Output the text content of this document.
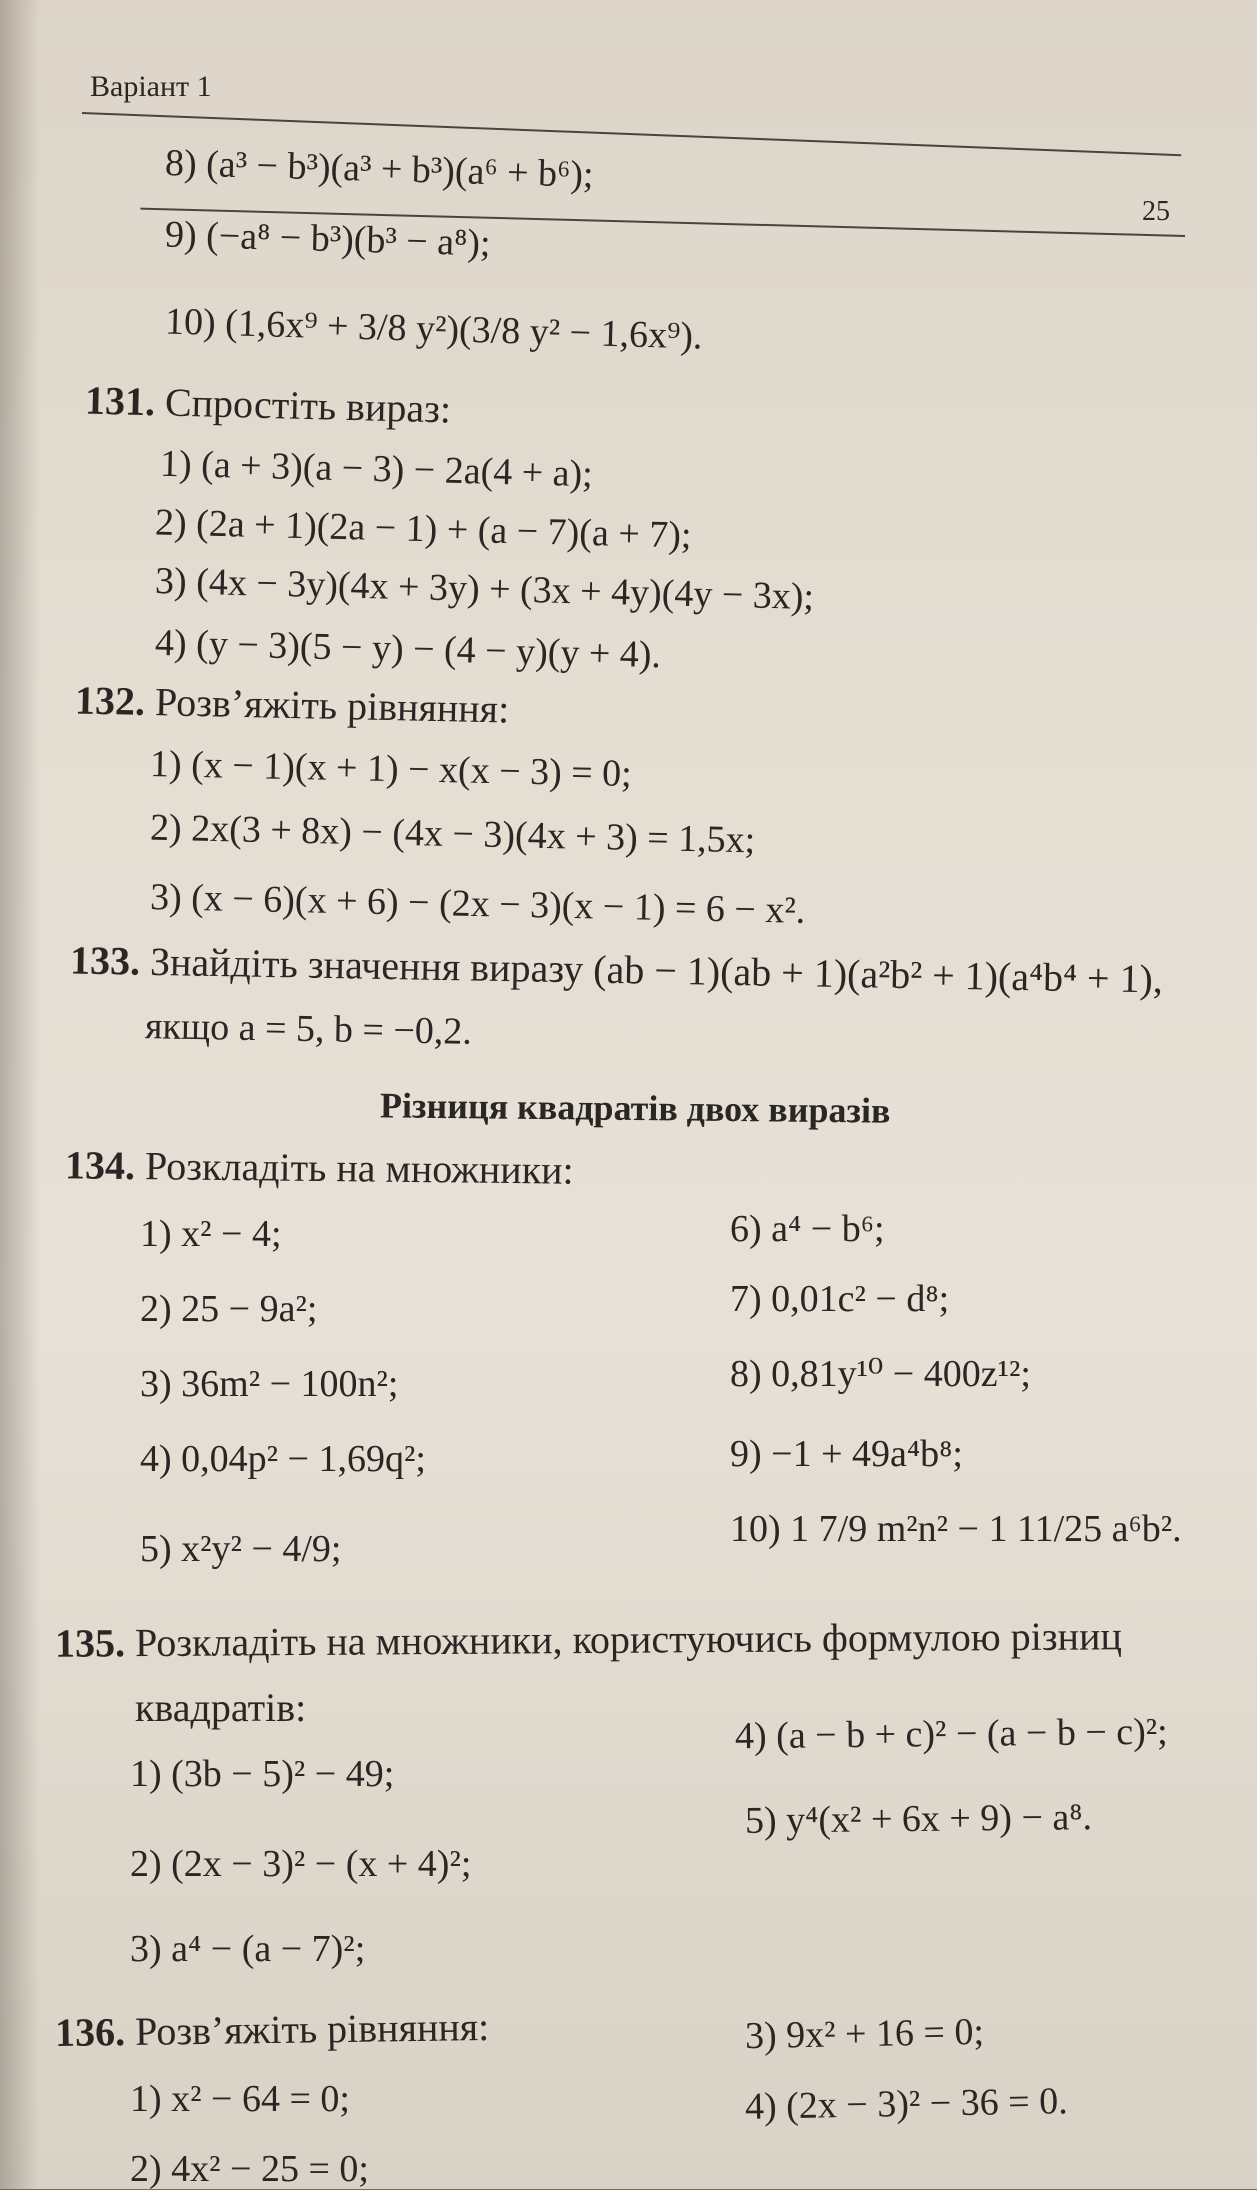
Варіант 1
25
8) (a³ − b³)(a³ + b³)(a⁶ + b⁶);
9) (−a⁸ − b³)(b³ − a⁸);
10) (1,6x⁹ + 3/8 y²)(3/8 y² − 1,6x⁹).
131. Спростіть вираз:
1) (a + 3)(a − 3) − 2a(4 + a);
2) (2a + 1)(2a − 1) + (a − 7)(a + 7);
3) (4x − 3y)(4x + 3y) + (3x + 4y)(4y − 3x);
4) (y − 3)(5 − y) − (4 − y)(y + 4).
132. Розв’яжіть рівняння:
1) (x − 1)(x + 1) − x(x − 3) = 0;
2) 2x(3 + 8x) − (4x − 3)(4x + 3) = 1,5x;
3) (x − 6)(x + 6) − (2x − 3)(x − 1) = 6 − x².
133. Знайдіть значення виразу (ab − 1)(ab + 1)(a²b² + 1)(a⁴b⁴ + 1),
якщо a = 5, b = −0,2.
Різниця квадратів двох виразів
134. Розкладіть на множники:
1) x² − 4;
2) 25 − 9a²;
3) 36m² − 100n²;
4) 0,04p² − 1,69q²;
5) x²y² − 4/9;
6) a⁴ − b⁶;
7) 0,01c² − d⁸;
8) 0,81y¹⁰ − 400z¹²;
9) −1 + 49a⁴b⁸;
10) 1 7/9 m²n² − 1 11/25 a⁶b².
135. Розкладіть на множники, користуючись формулою різниц
квадратів:
1) (3b − 5)² − 49;
2) (2x − 3)² − (x + 4)²;
3) a⁴ − (a − 7)²;
4) (a − b + c)² − (a − b − c)²;
5) y⁴(x² + 6x + 9) − a⁸.
136. Розв’яжіть рівняння:
1) x² − 64 = 0;
2) 4x² − 25 = 0;
3) 9x² + 16 = 0;
4) (2x − 3)² − 36 = 0.
